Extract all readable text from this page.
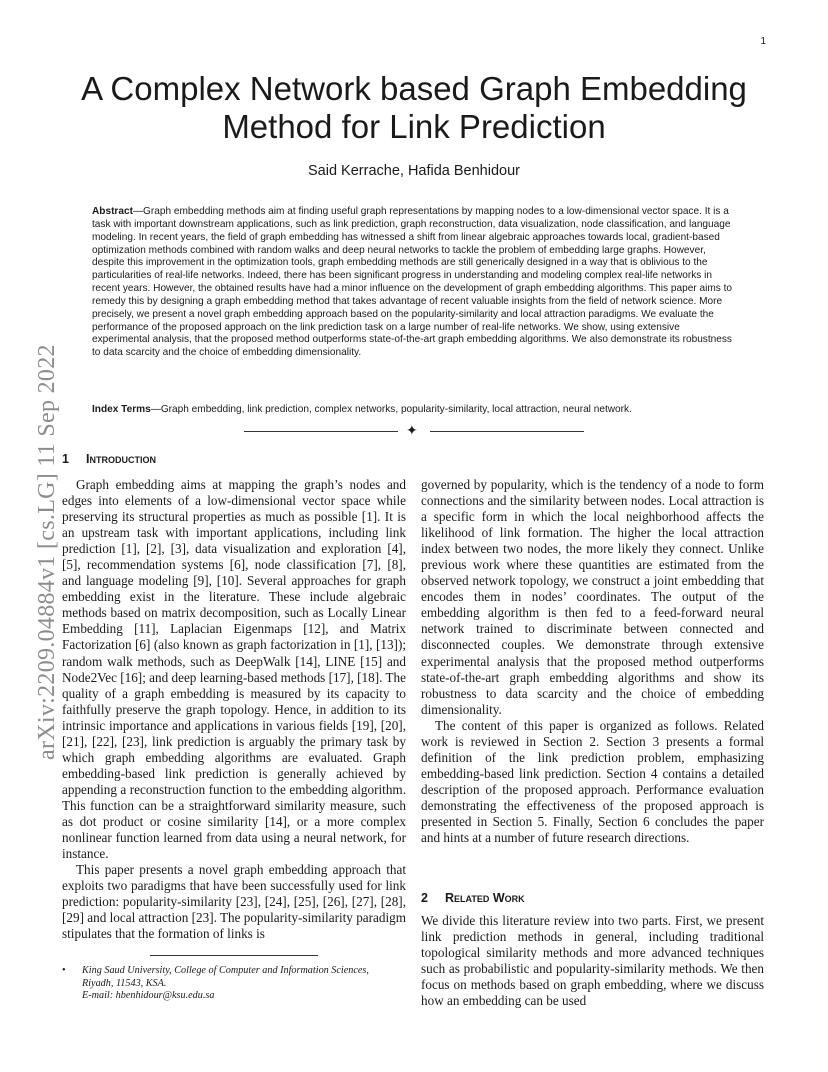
1
arXiv:2209.04884v1 [cs.LG] 11 Sep 2022
A Complex Network based Graph Embedding
Method for Link Prediction
Said Kerrache, Hafida Benhidour

Abstract—Graph embedding methods aim at finding useful graph representations by mapping nodes to a low-dimensional vector space. It is a task with important downstream applications, such as link prediction, graph reconstruction, data visualization, node classification, and language modeling. In recent years, the field of graph embedding has witnessed a shift from linear algebraic approaches towards local, gradient-based optimization methods combined with random walks and deep neural networks to tackle the problem of embedding large graphs. However, despite this improvement in the optimization tools, graph embedding methods are still generically designed in a way that is oblivious to the particularities of real-life networks. Indeed, there has been significant progress in understanding and modeling complex real-life networks in recent years. However, the obtained results have had a minor influence on the development of graph embedding algorithms. This paper aims to remedy this by designing a graph embedding method that takes advantage of recent valuable insights from the field of network science. More precisely, we present a novel graph embedding approach based on the popularity-similarity and local attraction paradigms. We evaluate the performance of the proposed approach on the link prediction task on a large number of real-life networks. We show, using extensive experimental analysis, that the proposed method outperforms state-of-the-art graph embedding algorithms. We also demonstrate its robustness to data scarcity and the choice of embedding dimensionality.

Index Terms—Graph embedding, link prediction, complex networks, popularity-similarity, local attraction, neural network.

✦
1 Introduction

Graph embedding aims at mapping the graph’s nodes and edges into elements of a low-dimensional vector space while preserving its structural properties as much as possible [1]. It is an upstream task with important applications, including link prediction [1], [2], [3], data visualization and exploration [4], [5], recommendation systems [6], node classification [7], [8], and language modeling [9], [10]. Several approaches for graph embedding exist in the literature. These include algebraic methods based on matrix decomposition, such as Locally Linear Embedding [11], Laplacian Eigenmaps [12], and Matrix Factorization [6] (also known as graph factorization in [1], [13]); random walk methods, such as DeepWalk [14], LINE [15] and Node2Vec [16]; and deep learning-based methods [17], [18]. The quality of a graph embedding is measured by its capacity to faithfully preserve the graph topology. Hence, in addition to its intrinsic importance and applications in various fields [19], [20], [21], [22], [23], link prediction is arguably the primary task by which graph embedding algorithms are evaluated. Graph embedding-based link prediction is generally achieved by appending a reconstruction function to the embedding algorithm. This function can be a straightforward similarity measure, such as dot product or cosine similarity [14], or a more complex nonlinear function learned from data using a neural network, for instance.

This paper presents a novel graph embedding approach that exploits two paradigms that have been successfully used for link prediction: popularity-similarity [23], [24], [25], [26], [27], [28], [29] and local attraction [23]. The popularity-similarity paradigm stipulates that the formation of links is

governed by popularity, which is the tendency of a node to form connections and the similarity between nodes. Local attraction is a specific form in which the local neighborhood affects the likelihood of link formation. The higher the local attraction index between two nodes, the more likely they connect. Unlike previous work where these quantities are estimated from the observed network topology, we construct a joint embedding that encodes them in nodes’ coordinates. The output of the embedding algorithm is then fed to a feed-forward neural network trained to discriminate between connected and disconnected couples. We demonstrate through extensive experimental analysis that the proposed method outperforms state-of-the-art graph embedding algorithms and show its robustness to data scarcity and the choice of embedding dimensionality.

The content of this paper is organized as follows. Related work is reviewed in Section 2. Section 3 presents a formal definition of the link prediction problem, emphasizing embedding-based link prediction. Section 4 contains a detailed description of the proposed approach. Performance evaluation demonstrating the effectiveness of the proposed approach is presented in Section 5. Finally, Section 6 concludes the paper and hints at a number of future research directions.

2 Related Work

We divide this literature review into two parts. First, we present link prediction methods in general, including traditional topological similarity methods and more advanced techniques such as probabilistic and popularity-similarity methods. We then focus on methods based on graph embedding, where we discuss how an embedding can be used

• King Saud University, College of Computer and Information Sciences,
Riyadh, 11543, KSA.
E-mail: hbenhidour@ksu.edu.sa
